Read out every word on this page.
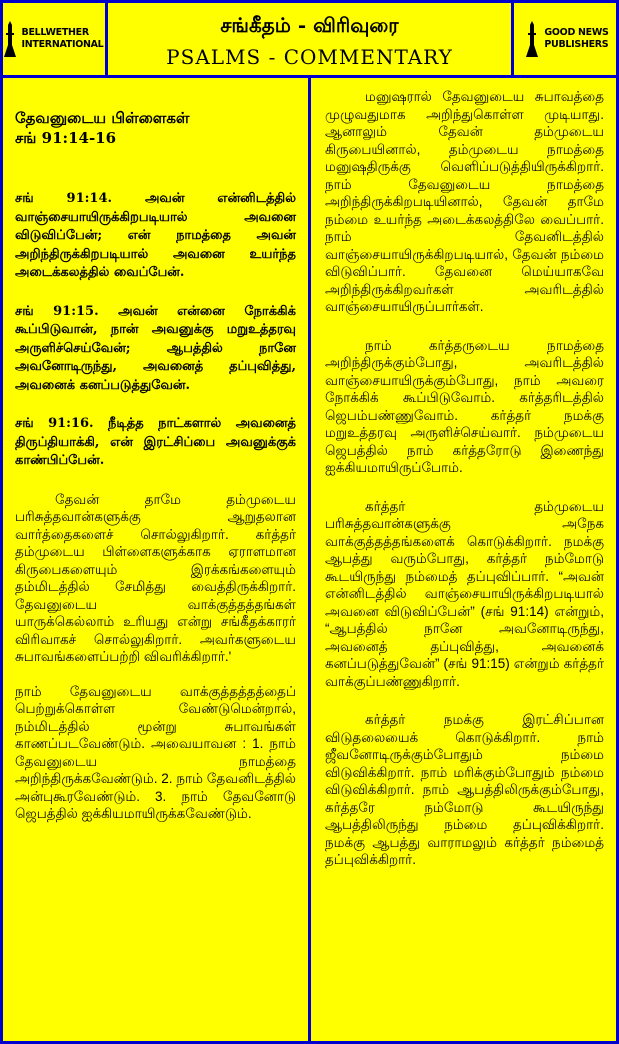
BELLWETHER
INTERNATIONAL
சங்கீதம் - விரிவுரை
PSALMS - COMMENTARY
GOOD NEWS
PUBLISHERS
தேவனுடைய பிள்ளைகள்
சங் 91:14-16

சங் 91:14. அவன் என்னிடத்தில் வாஞ்சையாயிருக்கிறபடியால் அவனை விடுவிப்பேன்; என் நாமத்தை அவன் அறிந்திருக்கிறபடியால் அவனை உயர்ந்த அடைக்கலத்தில் வைப்பேன்.

சங் 91:15. அவன் என்னை நோக்கிக் கூப்பிடுவான், நான் அவனுக்கு மறுஉத்தரவு அருளிச்செய்வேன்; ஆபத்தில் நானே அவனோடிருந்து, அவனைத் தப்புவித்து, அவனைக் கனப்படுத்துவேன்.

சங் 91:16. நீடித்த நாட்களால் அவனைத் திருப்தியாக்கி, என் இரட்சிப்பை அவனுக்குக் காண்பிப்பேன்.

தேவன் தாமே தம்முடைய பரிசுத்தவான்களுக்கு ஆறுதலான வார்த்தைகளைச் சொல்லுகிறார். கர்த்தர் தம்முடைய பிள்ளைகளுக்காக ஏராளமான கிருபைகளையும் இரக்கங்களையும் தம்மிடத்தில் சேமித்து வைத்திருக்கிறார். தேவனுடைய வாக்குத்தத்தங்கள் யாருக்கெல்லாம் உரியது என்று சங்கீதக்காரர் விரிவாகச் சொல்லுகிறார். அவர்களுடைய சுபாவங்களைப்பற்றி விவரிக்கிறார்.'

நாம் தேவனுடைய வாக்குத்தத்தத்தைப் பெற்றுக்கொள்ள வேண்டுமென்றால், நம்மிடத்தில் மூன்று சுபாவங்கள் காணப்படவேண்டும். அவையாவன : 1. நாம் தேவனுடைய நாமத்தை அறிந்திருக்கவேண்டும். 2. நாம் தேவனிடத்தில் அன்புகூரவேண்டும். 3. நாம் தேவனோடு ஜெபத்தில் ஐக்கியமாயிருக்கவேண்டும்.

மனுஷரால் தேவனுடைய சுபாவத்தை முழுவதுமாக அறிந்துகொள்ள முடியாது. ஆனாலும் தேவன் தம்முடைய கிருபையினால், தம்முடைய நாமத்தை மனுஷதிருக்கு வெளிப்படுத்தியிருக்கிறார். நாம் தேவனுடைய நாமத்தை அறிந்திருக்கிறபடியினால், தேவன் தாமே நம்மை உயர்ந்த அடைக்கலத்திலே வைப்பார். நாம் தேவனிடத்தில் வாஞ்சையாயிருக்கிறபடியால், தேவன் நம்மை விடுவிப்பார். தேவனை மெய்யாகவே அறிந்திருக்கிறவர்கள் அவரிடத்தில் வாஞ்சையாயிருப்பார்கள்.

நாம் கர்த்தருடைய நாமத்தை அறிந்திருக்கும்போது, அவரிடத்தில் வாஞ்சையாயிருக்கும்போது, நாம் அவரை நோக்கிக் கூப்பிடுவோம். கர்த்தரிடத்தில் ஜெபம்பண்ணுவோம். கர்த்தர் நமக்கு மறுஉத்தரவு அருளிச்செய்வார். நம்முடைய ஜெபத்தில் நாம் கர்த்தரோடு இணைந்து ஐக்கியமாயிருப்போம்.

கர்த்தர் தம்முடைய பரிசுத்தவான்களுக்கு அநேக வாக்குத்தத்தங்களைக் கொடுக்கிறார். நமக்கு ஆபத்து வரும்போது, கர்த்தர் நம்மோடு கூடயிருந்து நம்மைத் தப்புவிப்பார். “அவன் என்னிடத்தில் வாஞ்சையாயிருக்கிறபடியால் அவனை விடுவிப்பேன்” (சங் 91:14) என்றும், “ஆபத்தில் நானே அவனோடிருந்து, அவனைத் தப்புவித்து, அவனைக் கனப்படுத்துவேன்” (சங் 91:15) என்றும் கர்த்தர் வாக்குப்பண்ணுகிறார்.

கர்த்தர் நமக்கு இரட்சிப்பான விடுதலையைக் கொடுக்கிறார். நாம் ஜீவனோடிருக்கும்போதும் நம்மை விடுவிக்கிறார். நாம் மரிக்கும்போதும் நம்மை விடுவிக்கிறார். நாம் ஆபத்திலிருக்கும்போது, கர்த்தரே நம்மோடு கூடயிருந்து ஆபத்திலிருந்து நம்மை தப்புவிக்கிறார். நமக்கு ஆபத்து வாராமலும் கர்த்தர் நம்மைத் தப்புவிக்கிறார்.
